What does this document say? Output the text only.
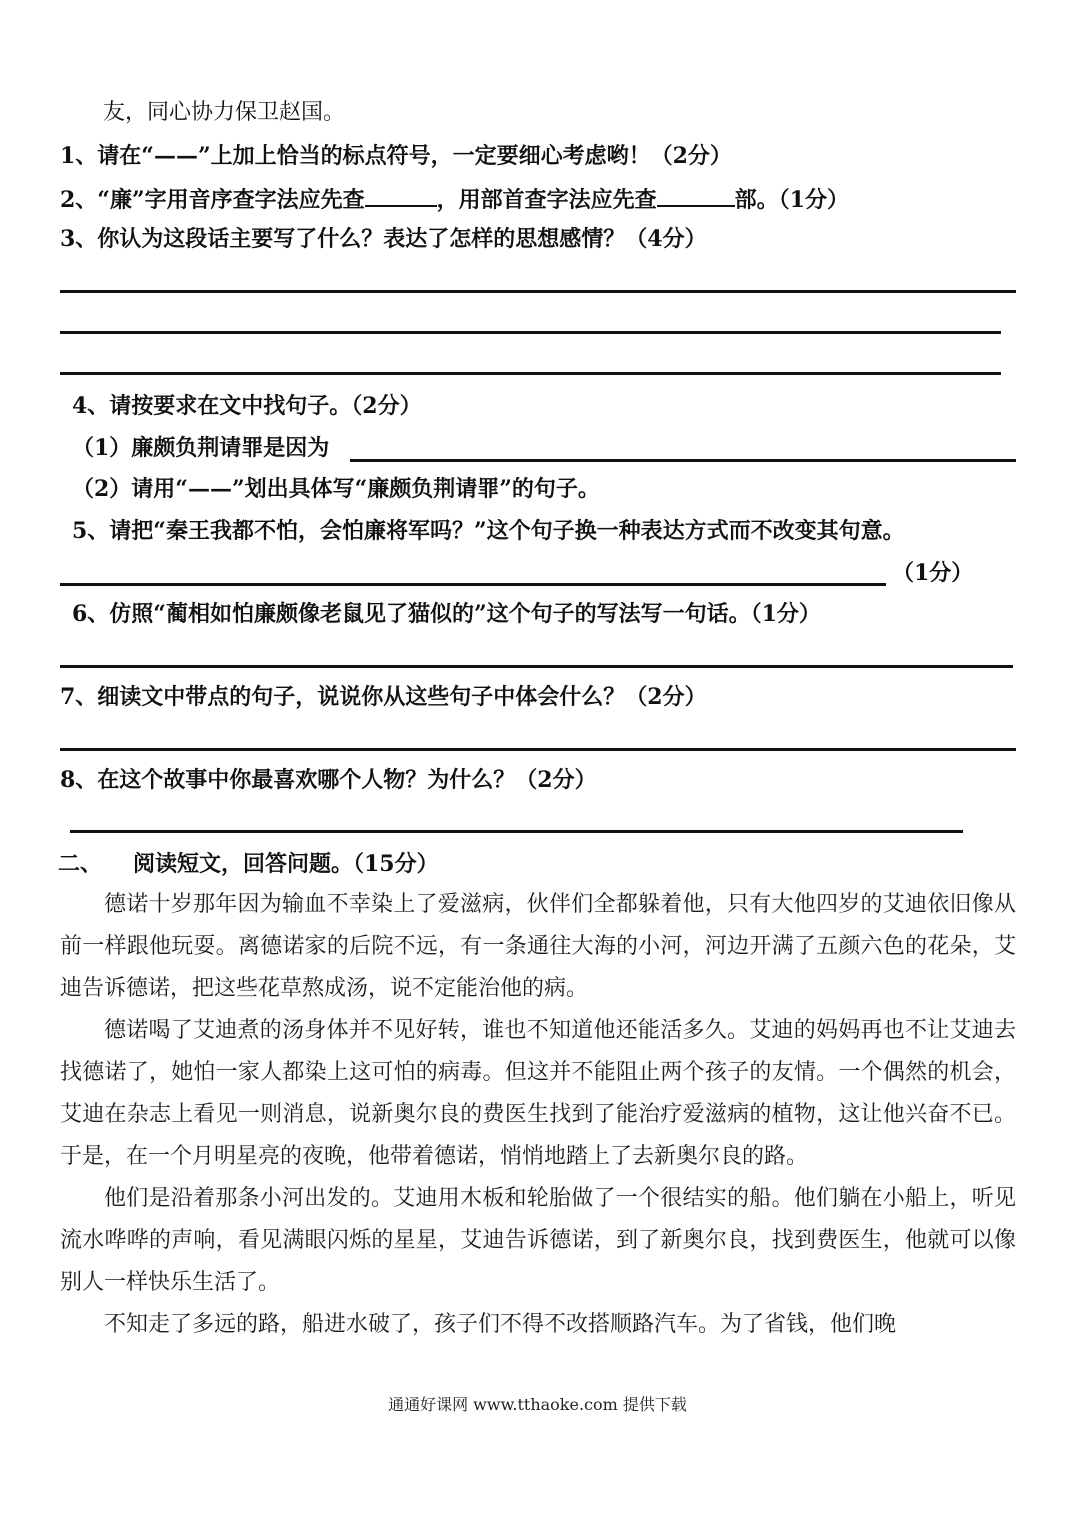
友，同心协力保卫赵国。
1、请在“——”上加上恰当的标点符号，一定要细心考虑哟！（2分）
2、“廉”字用音序查字法应先查	，用部首查字法应先查	部。（1分）
3、你认为这段话主要写了什么？表达了怎样的思想感情？（4分）
4、请按要求在文中找句子。（2分）
（1）廉颇负荆请罪是因为
（2）请用“——”划出具体写“廉颇负荆请罪”的句子。
5、请把“秦王我都不怕，会怕廉将军吗？”这个句子换一种表达方式而不改变其句意。
（1分）
6、仿照“蔺相如怕廉颇像老鼠见了猫似的”这个句子的写法写一句话。（1分）
7、细读文中带点的句子，说说你从这些句子中体会什么？（2分）
8、在这个故事中你最喜欢哪个人物？为什么？（2分）
二、 阅读短文，回答问题。（15分）

德诺十岁那年因为输血不幸染上了爱滋病，伙伴们全都躲着他，只有大他四岁的艾迪依旧像从前一样跟他玩耍。离德诺家的后院不远，有一条通往大海的小河，河边开满了五颜六色的花朵，艾迪告诉德诺，把这些花草熬成汤，说不定能治他的病。

德诺喝了艾迪煮的汤身体并不见好转，谁也不知道他还能活多久。艾迪的妈妈再也不让艾迪去找德诺了，她怕一家人都染上这可怕的病毒。但这并不能阻止两个孩子的友情。一个偶然的机会，艾迪在杂志上看见一则消息，说新奥尔良的费医生找到了能治疗爱滋病的植物，这让他兴奋不已。于是，在一个月明星亮的夜晚，他带着德诺，悄悄地踏上了去新奥尔良的路。

他们是沿着那条小河出发的。艾迪用木板和轮胎做了一个很结实的船。他们躺在小船上，听见流水哗哗的声响，看见满眼闪烁的星星，艾迪告诉德诺，到了新奥尔良，找到费医生，他就可以像别人一样快乐生活了。

不知走了多远的路，船进水破了，孩子们不得不改搭顺路汽车。为了省钱，他们晚

通通好课网 www.tthaoke.com 提供下载
